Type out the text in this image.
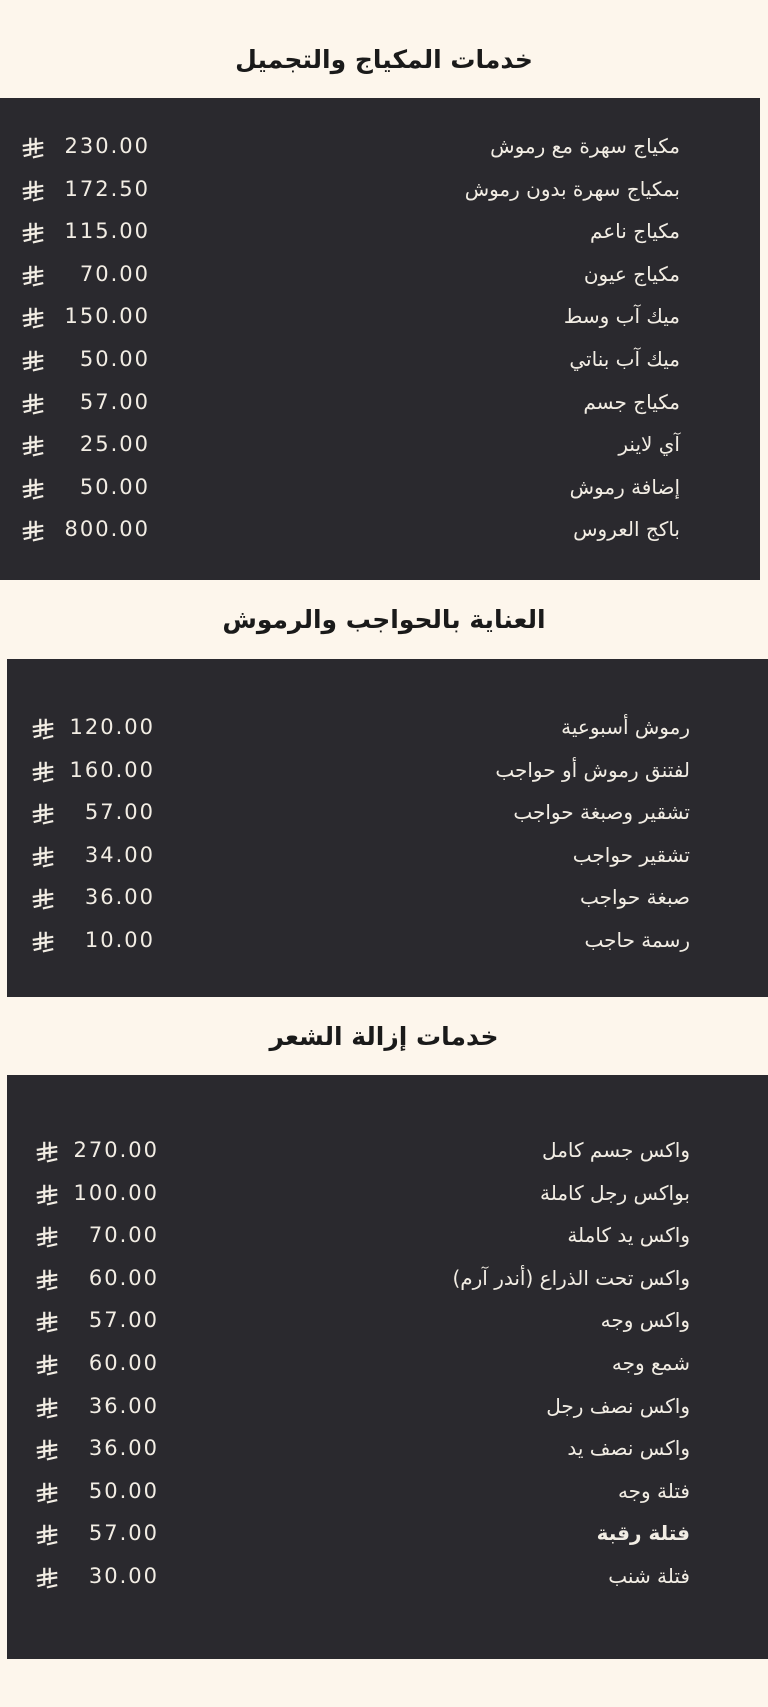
خدمات المكياج والتجميل
مكياج سهرة مع رموش
230.00
بمكياج سهرة بدون رموش
172.50
مكياج ناعم
115.00
مكياج عيون
70.00
ميك آب وسط
150.00
ميك آب بناتي
50.00
مكياج جسم
57.00
آي لاينر
25.00
إضافة رموش
50.00
باكج العروس
800.00
العناية بالحواجب والرموش
رموش أسبوعية
120.00
لفتنق رموش أو حواجب
160.00
تشقير وصبغة حواجب
57.00
تشقير حواجب
34.00
صبغة حواجب
36.00
رسمة حاجب
10.00
خدمات إزالة الشعر
واكس جسم كامل
270.00
بواكس رجل كاملة
100.00
واكس يد كاملة
70.00
واكس تحت الذراع (أندر آرم)
60.00
واكس وجه
57.00
شمع وجه
60.00
واكس نصف رجل
36.00
واكس نصف يد
36.00
فتلة وجه
50.00
فتلة رقبة
57.00
فتلة شنب
30.00
